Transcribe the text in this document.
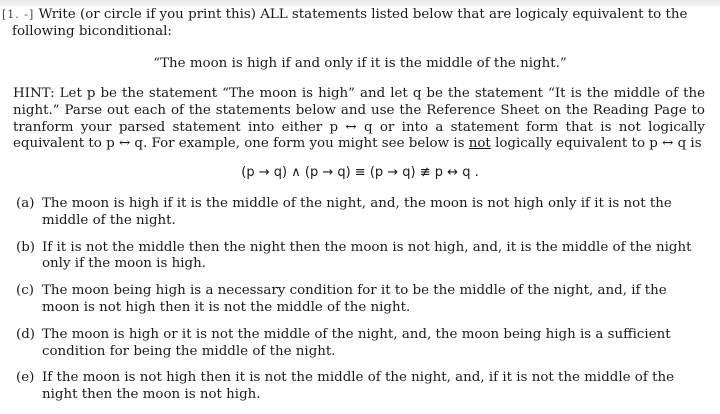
[1. -] Write (or circle if you print this) ALL statements listed below that are logicaly equivalent to the
following biconditional:
“The moon is high if and only if it is the middle of the night.”
HINT: Let p be the statement “The moon is high” and let q be the statement “It is the middle of the night.” Parse out each of the statements below and use the Reference Sheet on the Reading Page to tranform your parsed statement into either p ↔ q or into a statement form that is not logically equivalent to p ↔ q. For example, one form you might see below is not logically equivalent to p ↔ q is
(p → q) ∧ (p → q) ≡ (p → q) ≢ p ↔ q .
(a) The moon is high if it is the middle of the night, and, the moon is not high only if it is not the middle of the night.
(b) If it is not the middle then the night then the moon is not high, and, it is the middle of the night only if the moon is high.
(c) The moon being high is a necessary condition for it to be the middle of the night, and, if the moon is not high then it is not the middle of the night.
(d) The moon is high or it is not the middle of the night, and, the moon being high is a sufficient condition for being the middle of the night.
(e) If the moon is not high then it is not the middle of the night, and, if it is not the middle of the night then the moon is not high.
